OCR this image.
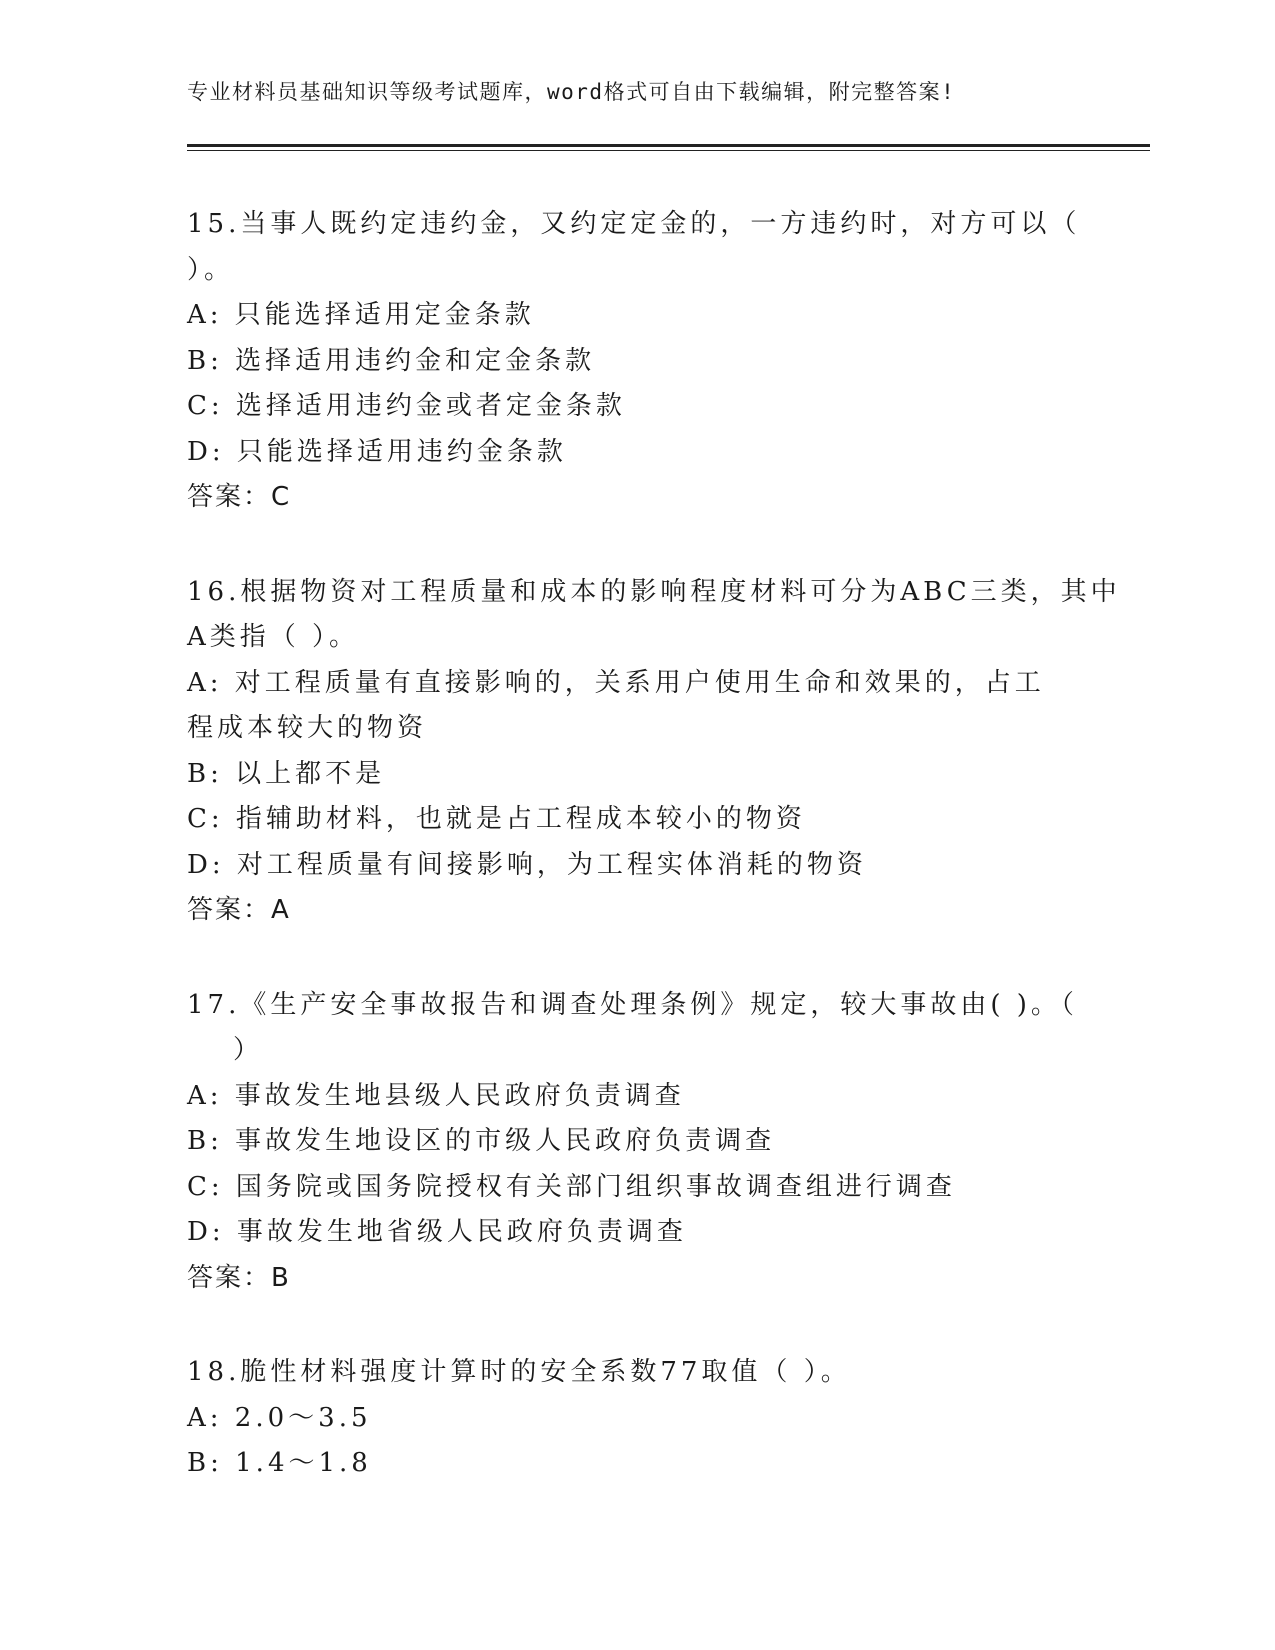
专业材料员基础知识等级考试题库，word格式可自由下载编辑，附完整答案!
15.当事人既约定违约金，又约定定金的，一方违约时，对方可以（
）。
A: 只能选择适用定金条款
B: 选择适用违约金和定金条款
C: 选择适用违约金或者定金条款
D: 只能选择适用违约金条款
答案：C
16.根据物资对工程质量和成本的影响程度材料可分为ABC三类，其中
A类指（ ）。
A: 对工程质量有直接影响的，关系用户使用生命和效果的，占工程成本较大的物资
B: 以上都不是
C: 指辅助材料，也就是占工程成本较小的物资
D: 对工程质量有间接影响，为工程实体消耗的物资
答案：A
17.《生产安全事故报告和调查处理条例》规定，较大事故由( )。（
）
A: 事故发生地县级人民政府负责调查
B: 事故发生地设区的市级人民政府负责调查
C: 国务院或国务院授权有关部门组织事故调查组进行调查
D: 事故发生地省级人民政府负责调查
答案：B
18.脆性材料强度计算时的安全系数77取值（ ）。
A: 2.0～3.5
B: 1.4～1.8
